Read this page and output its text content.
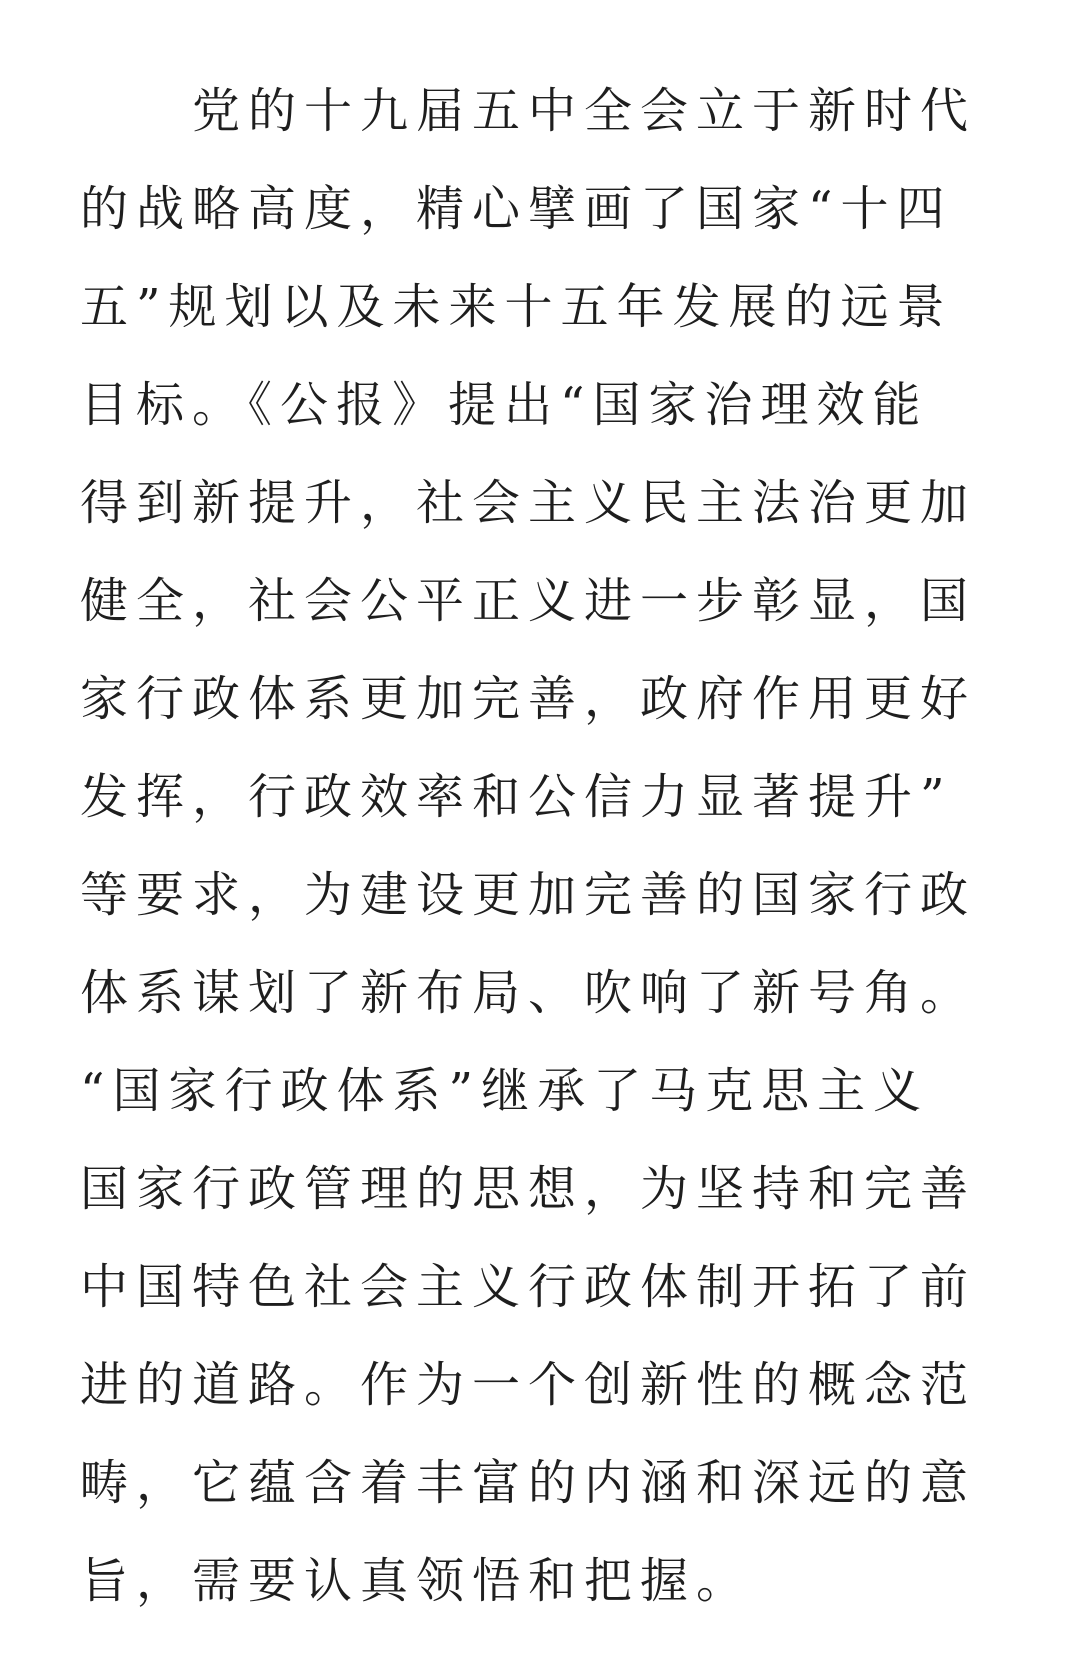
　　党的十九届五中全会立于新时代
的战略高度，精心擘画了国家“十四
五”规划以及未来十五年发展的远景
目标。《公报》提出“国家治理效能
得到新提升，社会主义民主法治更加
健全，社会公平正义进一步彰显，国
家行政体系更加完善，政府作用更好
发挥，行政效率和公信力显著提升”
等要求，为建设更加完善的国家行政
体系谋划了新布局、吹响了新号角。
“国家行政体系”继承了马克思主义
国家行政管理的思想，为坚持和完善
中国特色社会主义行政体制开拓了前
进的道路。作为一个创新性的概念范
畴，它蕴含着丰富的内涵和深远的意
旨，需要认真领悟和把握。
